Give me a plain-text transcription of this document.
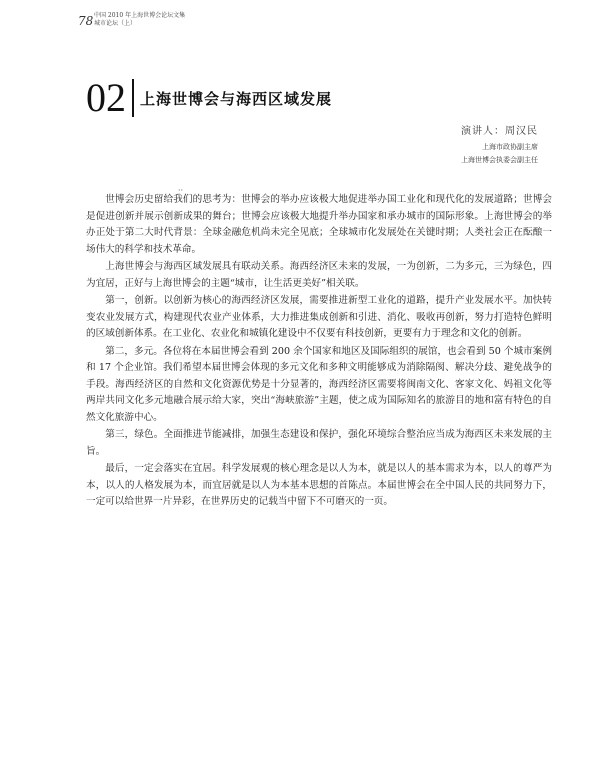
78 中国 2010 年上海世博会论坛文集
城市论坛（上）
02 上海世博会与海西区域发展
演讲人：周汉民
上海市政协副主席
上海世博会执委会副主任
··

世博会历史留给我们的思考为：世博会的举办应该极大地促进举办国工业化和现代化的发展道路；世博会是促进创新并展示创新成果的舞台；世博会应该极大地提升举办国家和承办城市的国际形象。上海世博会的举办正处于第二大时代背景：全球金融危机尚未完全见底；全球城市化发展处在关键时期；人类社会正在酝酿一场伟大的科学和技术革命。

上海世博会与海西区域发展具有联动关系。海西经济区未来的发展，一为创新，二为多元，三为绿色，四为宜居，正好与上海世博会的主题“城市，让生活更美好”相关联。

第一，创新。以创新为核心的海西经济区发展，需要推进新型工业化的道路，提升产业发展水平。加快转变农业发展方式，构建现代农业产业体系，大力推进集成创新和引进、消化、吸收再创新，努力打造特色鲜明的区域创新体系。在工业化、农业化和城镇化建设中不仅要有科技创新，更要有力于理念和文化的创新。

第二，多元。各位将在本届世博会看到 200 余个国家和地区及国际组织的展馆，也会看到 50 个城市案例和 17 个企业馆。我们希望本届世博会体现的多元文化和多种文明能够成为消除隔阂、解决分歧、避免战争的手段。海西经济区的自然和文化资源优势是十分显著的，海西经济区需要将闽南文化、客家文化、妈祖文化等两岸共同文化多元地融合展示给大家，突出“海峡旅游”主题，使之成为国际知名的旅游目的地和富有特色的自然文化旅游中心。

第三，绿色。全面推进节能减排，加强生态建设和保护，强化环境综合整治应当成为海西区未来发展的主旨。

最后，一定会落实在宜居。科学发展观的核心理念是以人为本，就是以人的基本需求为本，以人的尊严为本，以人的人格发展为本，而宜居就是以人为本基本思想的首陈点。本届世博会在全中国人民的共同努力下，一定可以给世界一片异彩，在世界历史的记载当中留下不可磨灭的一页。
